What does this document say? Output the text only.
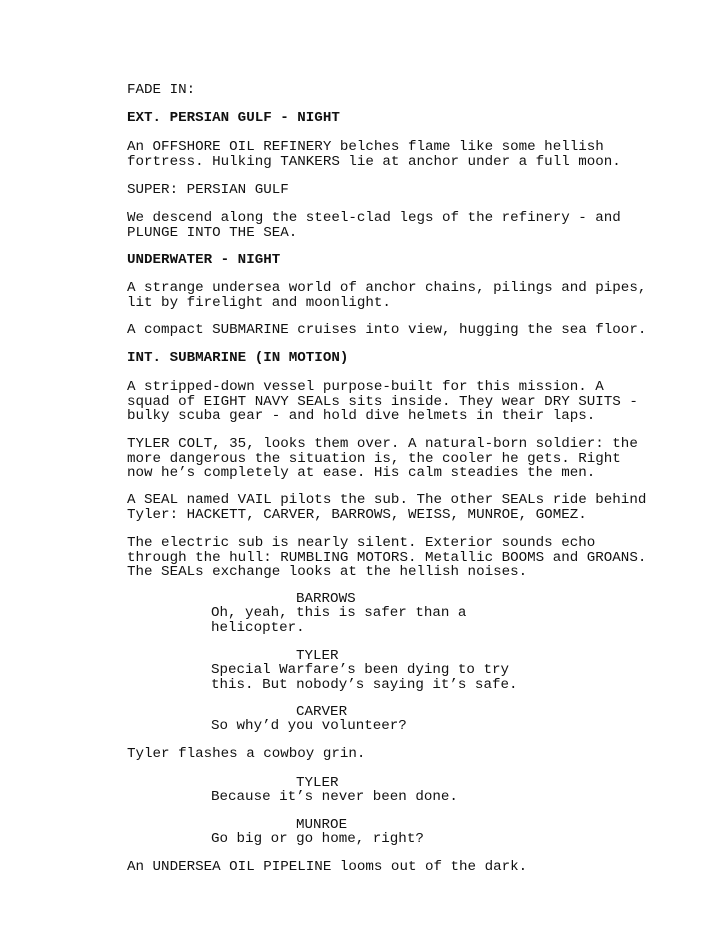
FADE IN:
EXT. PERSIAN GULF - NIGHT
An OFFSHORE OIL REFINERY belches flame like some hellish
fortress. Hulking TANKERS lie at anchor under a full moon.
SUPER: PERSIAN GULF
We descend along the steel-clad legs of the refinery - and
PLUNGE INTO THE SEA.
UNDERWATER - NIGHT
A strange undersea world of anchor chains, pilings and pipes,
lit by firelight and moonlight.
A compact SUBMARINE cruises into view, hugging the sea floor.
INT. SUBMARINE (IN MOTION)
A stripped-down vessel purpose-built for this mission. A
squad of EIGHT NAVY SEALs sits inside. They wear DRY SUITS -
bulky scuba gear - and hold dive helmets in their laps.
TYLER COLT, 35, looks them over. A natural-born soldier: the
more dangerous the situation is, the cooler he gets. Right
now he’s completely at ease. His calm steadies the men.
A SEAL named VAIL pilots the sub. The other SEALs ride behind
Tyler: HACKETT, CARVER, BARROWS, WEISS, MUNROE, GOMEZ.
The electric sub is nearly silent. Exterior sounds echo
through the hull: RUMBLING MOTORS. Metallic BOOMS and GROANS.
The SEALs exchange looks at the hellish noises.
BARROWS
Oh, yeah, this is safer than a
helicopter.
TYLER
Special Warfare’s been dying to try
this. But nobody’s saying it’s safe.
CARVER
So why’d you volunteer?
Tyler flashes a cowboy grin.
TYLER
Because it’s never been done.
MUNROE
Go big or go home, right?
An UNDERSEA OIL PIPELINE looms out of the dark.
